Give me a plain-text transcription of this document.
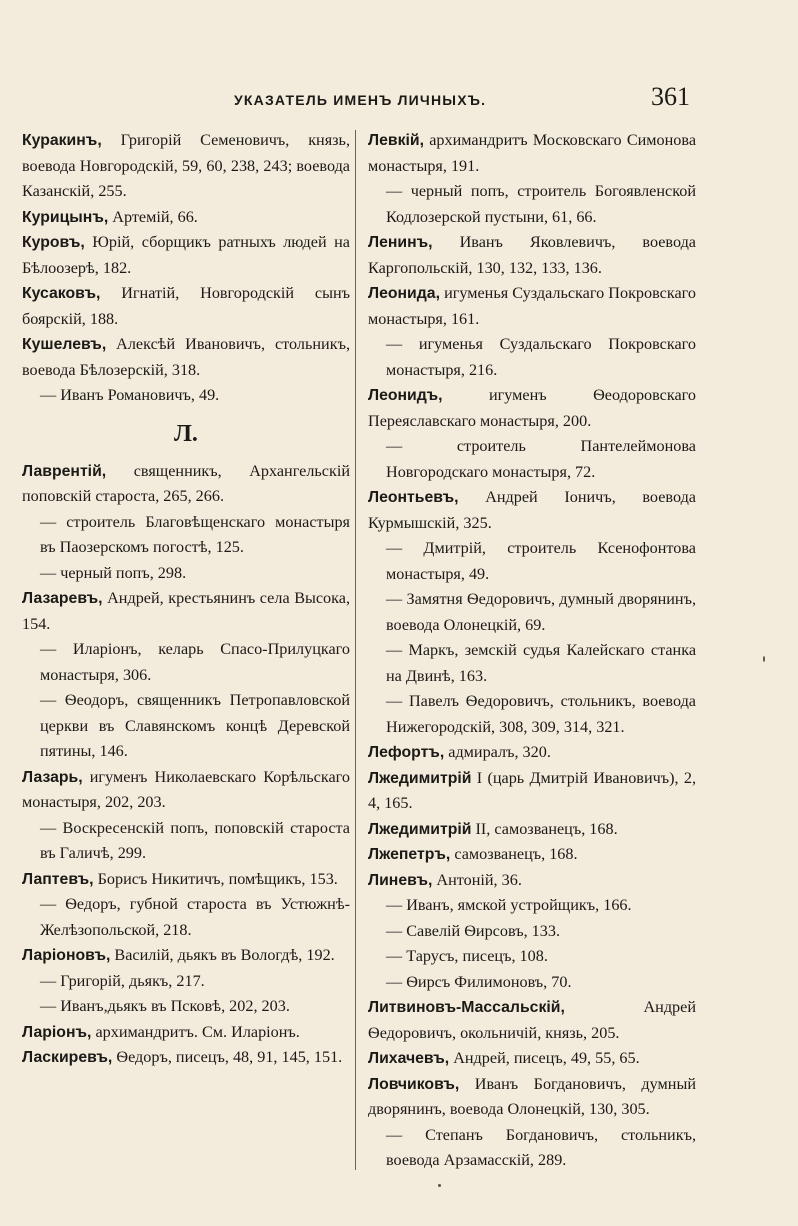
УКАЗАТЕЛЬ ИМЕНЪ ЛИЧНЫХЪ.	361
Куракинъ, Григорій Семеновичъ, князь, воевода Новгородскій, 59, 60, 238, 243; воевода Казанскій, 255.
Курицынъ, Артемій, 66.
Куровъ, Юрій, сборщикъ ратныхъ людей на Бѣлоозерѣ, 182.
Кусаковъ, Игнатій, Новгородскій сынъ боярскій, 188.
Кушелевъ, Алексѣй Ивановичъ, стольникъ, воевода Бѣлозерскій, 318.
— Иванъ Романовичъ, 49.
Л.
Лаврентій, священникъ, Архангельскій поповскій староста, 265, 266.
— строитель Благовѣщенскаго монастыря въ Паозерскомъ погостѣ, 125.
— черный попъ, 298.
Лазаревъ, Андрей, крестьянинъ села Высока, 154.
— Иларіонъ, келарь Спасо-Прилуцкаго монастыря, 306.
— Ѳеодоръ, священникъ Петропавловской церкви въ Славянскомъ концѣ Деревской пятины, 146.
Лазарь, игуменъ Николаевскаго Корѣльскаго монастыря, 202, 203.
— Воскресенскій попъ, поповскій староста въ Галичѣ, 299.
Лаптевъ, Борисъ Никитичъ, помѣщикъ, 153.
— Ѳедоръ, губной староста въ Устюжнѣ-Желѣзопольской, 218.
Ларіоновъ, Василій, дьякъ въ Вологдѣ, 192.
— Григорій, дьякъ, 217.
— Иванъ,дьякъ въ Псковѣ, 202, 203.
Ларіонъ, архимандритъ. См. Иларіонъ.
Ласкиревъ, Ѳедоръ, писецъ, 48, 91, 145, 151.
Левкій, архимандритъ Московскаго Симонова монастыря, 191.
— черный попъ, строитель Богоявленской Кодлозерской пустыни, 61, 66.
Ленинъ, Иванъ Яковлевичъ, воевода Каргопольскій, 130, 132, 133, 136.
Леонида, игуменья Суздальскаго Покровскаго монастыря, 161.
— игуменья Суздальскаго Покровскаго монастыря, 216.
Леонидъ, игуменъ Ѳеодоровскаго Переяславскаго монастыря, 200.
— строитель Пантелеймонова Новгородскаго монастыря, 72.
Леонтьевъ, Андрей Іоничъ, воевода Курмышскій, 325.
— Дмитрій, строитель Ксенофонтова монастыря, 49.
— Замятня Ѳедоровичъ, думный дворянинъ, воевода Олонецкій, 69.
— Маркъ, земскій судья Калейскаго станка на Двинѣ, 163.
— Павелъ Ѳедоровичъ, стольникъ, воевода Нижегородскій, 308, 309, 314, 321.
Лефортъ, адмиралъ, 320.
Лжедимитрій I (царь Дмитрій Ивановичъ), 2, 4, 165.
Лжедимитрій II, самозванецъ, 168.
Лжепетръ, самозванецъ, 168.
Линевъ, Антоній, 36.
— Иванъ, ямской устройщикъ, 166.
— Савелій Ѳирсовъ, 133.
— Тарусъ, писецъ, 108.
— Ѳирсъ Филимоновъ, 70.
Литвиновъ-Массальскій, Андрей Ѳедоровичъ, окольничій, князь, 205.
Лихачевъ, Андрей, писецъ, 49, 55, 65.
Ловчиковъ, Иванъ Богдановичъ, думный дворянинъ, воевода Олонецкій, 130, 305.
— Степанъ Богдановичъ, стольникъ, воевода Арзамасскій, 289.
